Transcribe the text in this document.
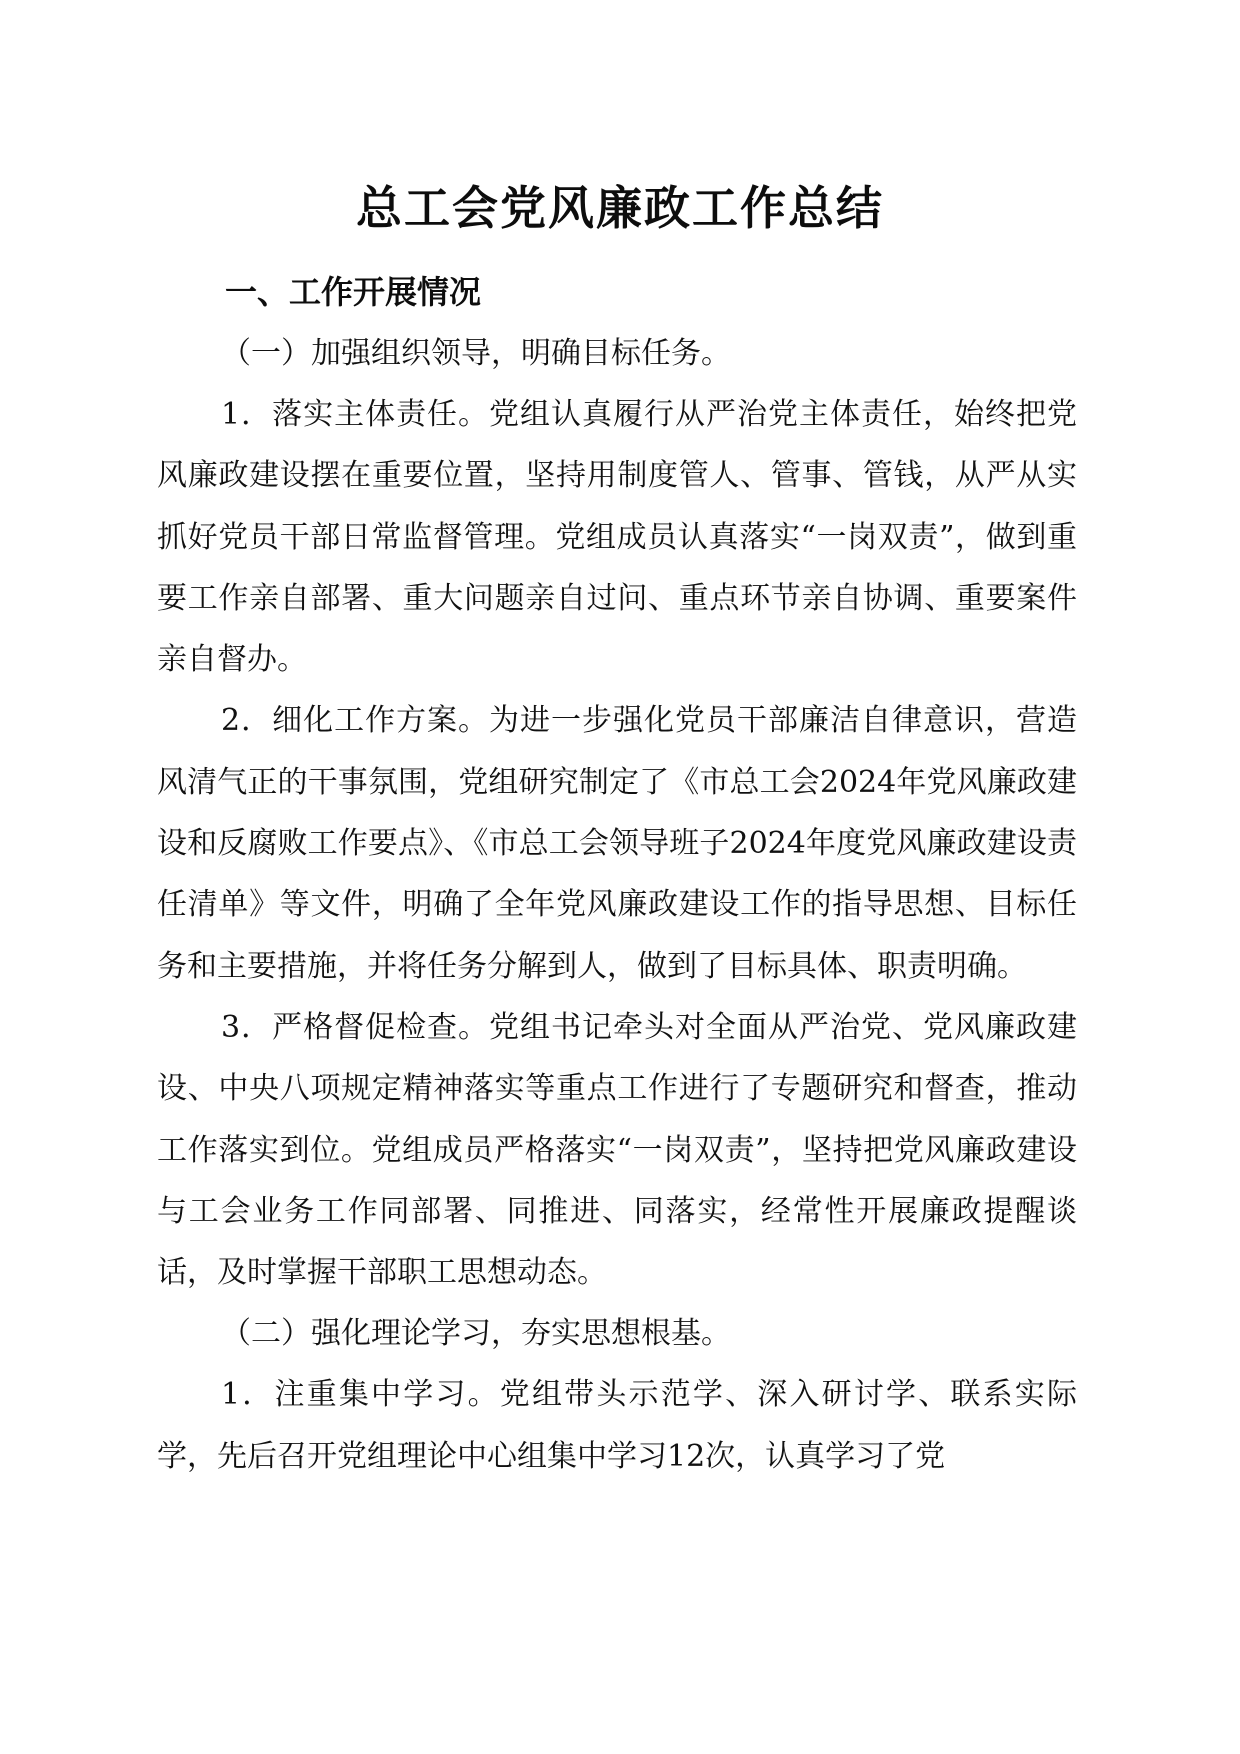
总工会党风廉政工作总结

一、工作开展情况

（一）加强组织领导，明确目标任务。

1．落实主体责任。党组认真履行从严治党主体责任，始终把党风廉政建设摆在重要位置，坚持用制度管人、管事、管钱，从严从实抓好党员干部日常监督管理。党组成员认真落实“一岗双责”，做到重要工作亲自部署、重大问题亲自过问、重点环节亲自协调、重要案件亲自督办。

2．细化工作方案。为进一步强化党员干部廉洁自律意识，营造风清气正的干事氛围，党组研究制定了《市总工会2024年党风廉政建设和反腐败工作要点》、《市总工会领导班子2024年度党风廉政建设责任清单》等文件，明确了全年党风廉政建设工作的指导思想、目标任务和主要措施，并将任务分解到人，做到了目标具体、职责明确。

3．严格督促检查。党组书记牵头对全面从严治党、党风廉政建设、中央八项规定精神落实等重点工作进行了专题研究和督查，推动工作落实到位。党组成员严格落实“一岗双责”，坚持把党风廉政建设与工会业务工作同部署、同推进、同落实，经常性开展廉政提醒谈话，及时掌握干部职工思想动态。

（二）强化理论学习，夯实思想根基。

1．注重集中学习。党组带头示范学、深入研讨学、联系实际学，先后召开党组理论中心组集中学习12次，认真学习了党
